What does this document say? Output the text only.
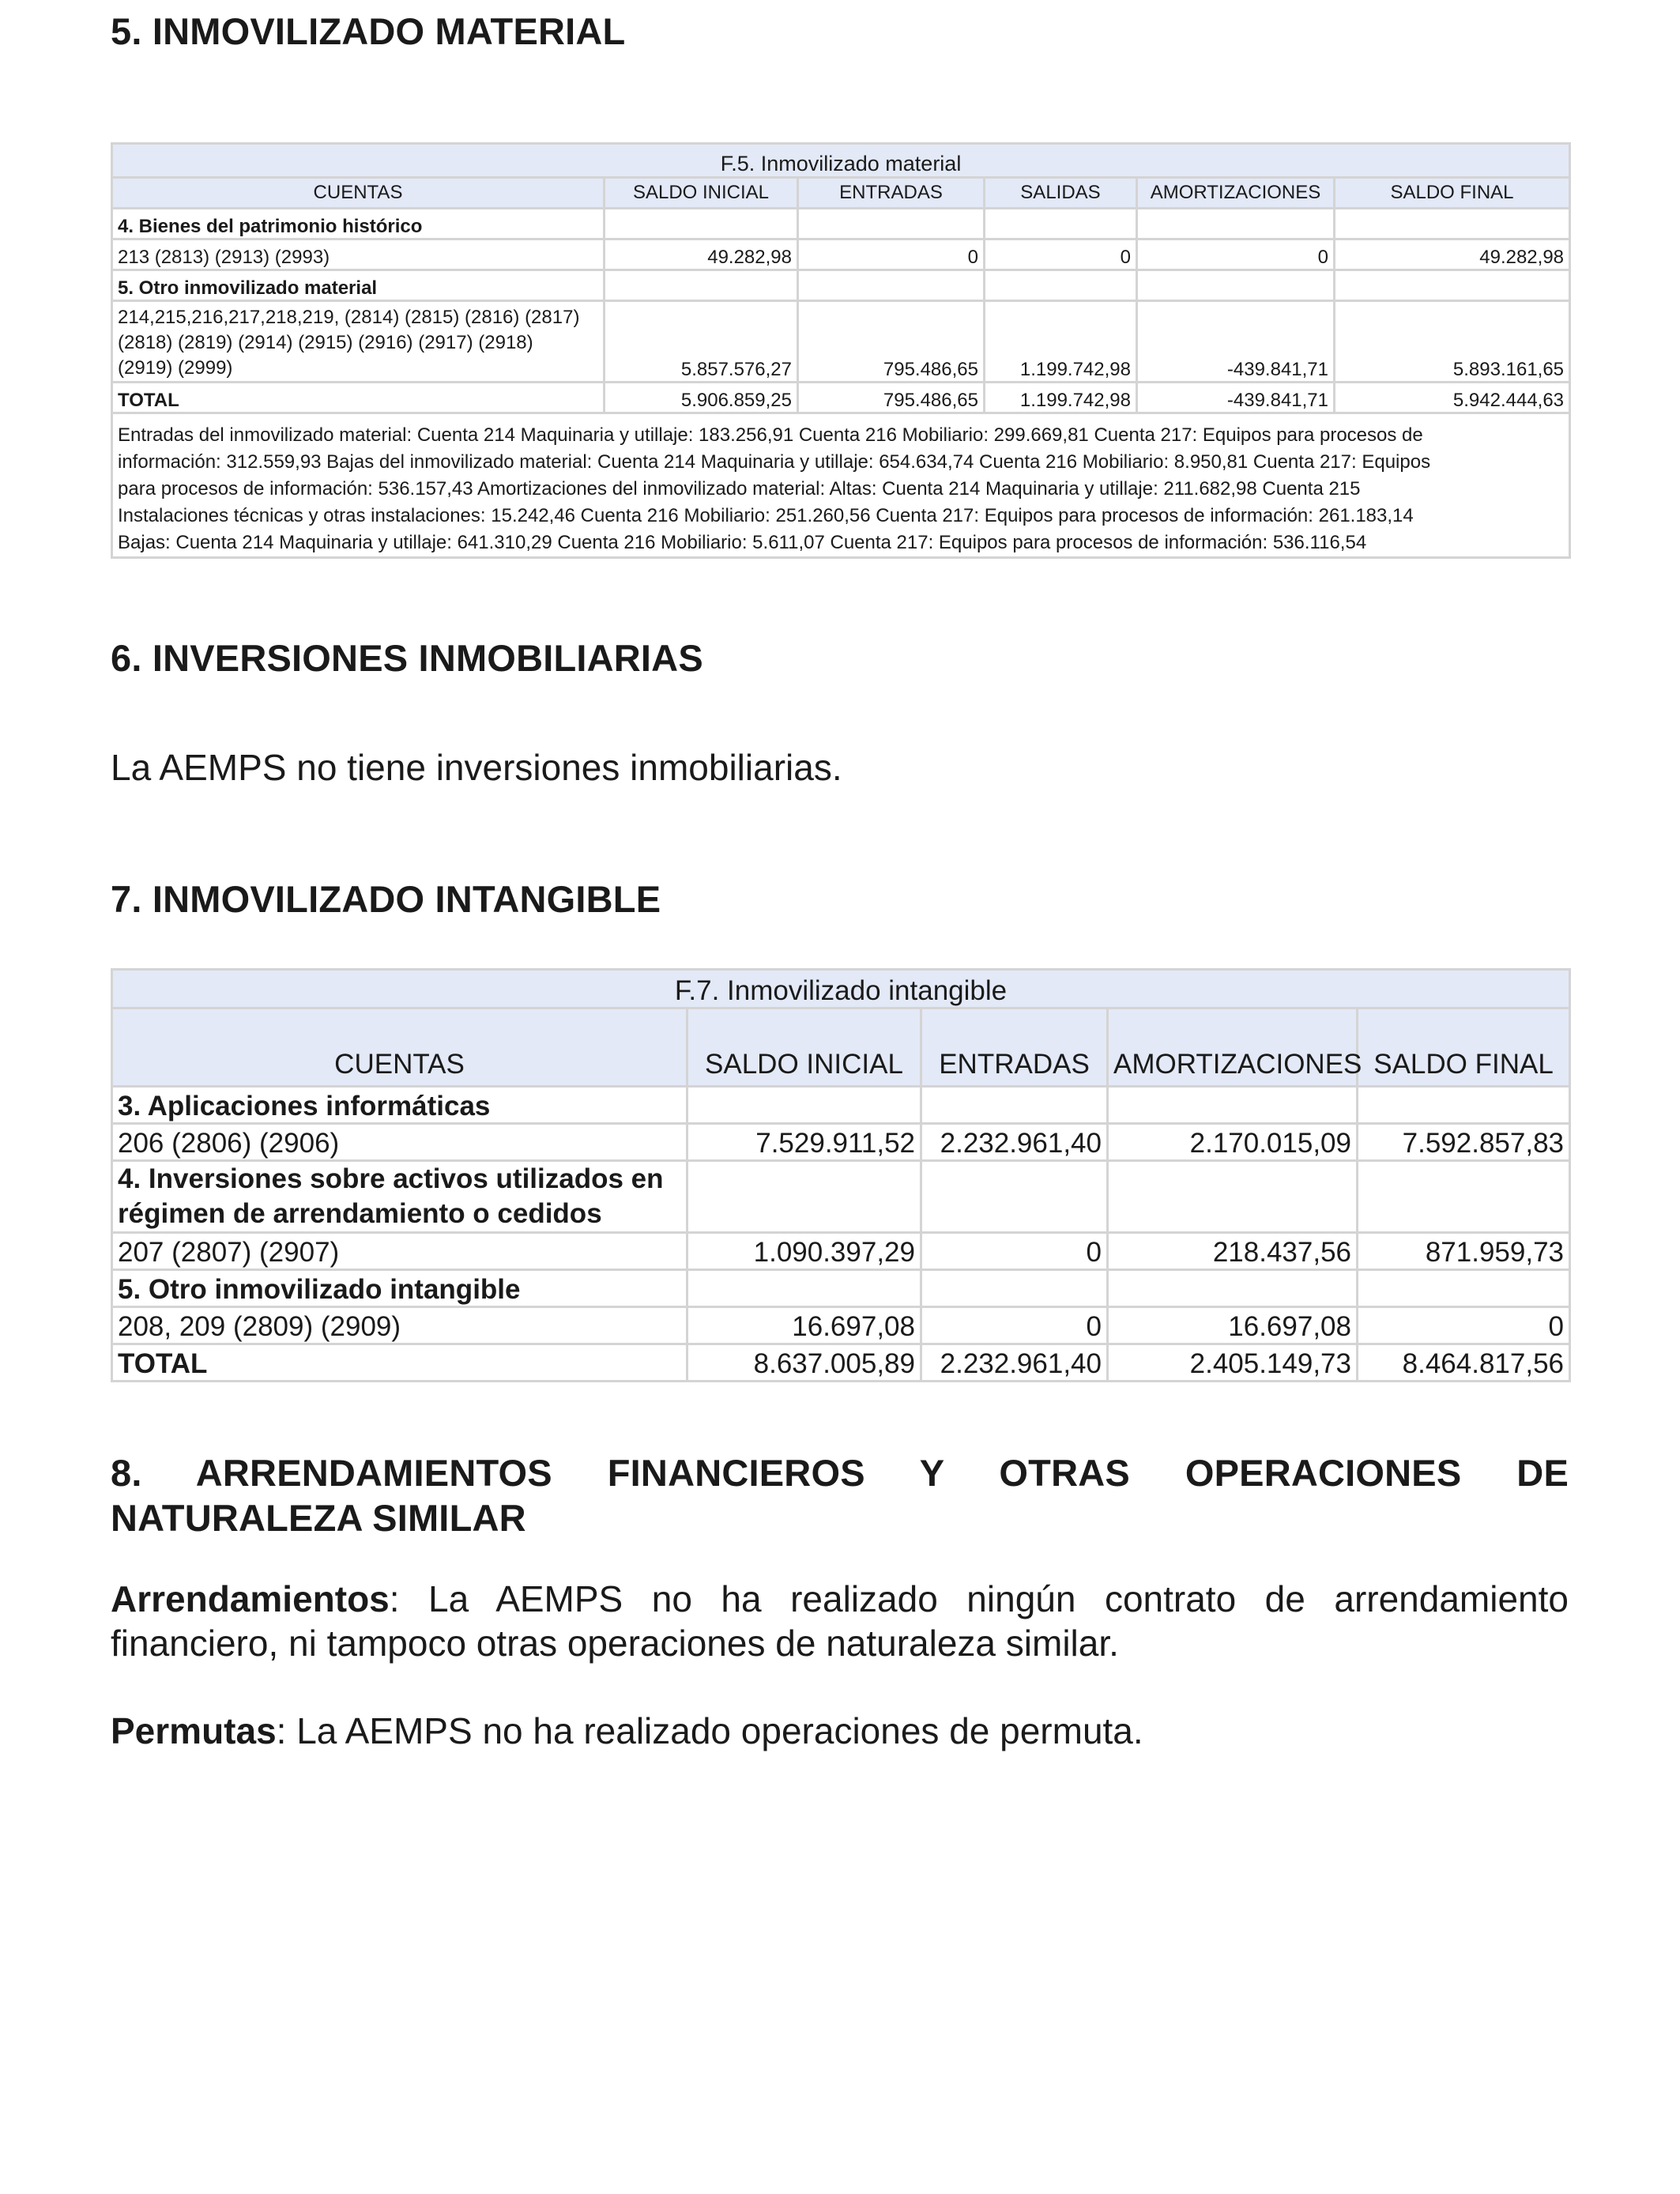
5. INMOVILIZADO MATERIAL
F.5. Inmovilizado material					
CUENTAS	SALDO INICIAL	ENTRADAS	SALIDAS	AMORTIZACIONES	SALDO FINAL
4. Bienes del patrimonio histórico					
213 (2813) (2913) (2993)	49.282,98	0	0	0	49.282,98
5. Otro inmovilizado material					

214,215,216,217,218,219, (2814) (2815) (2816) (2817)
(2818) (2819) (2914) (2915) (2916) (2917) (2918)
(2919) (2999)	5.857.576,27	795.486,65	1.199.742,98	-439.841,71	5.893.161,65
TOTAL	5.906.859,25	795.486,65	1.199.742,98	-439.841,71	5.942.444,63

Entradas del inmovilizado material: Cuenta 214 Maquinaria y utillaje: 183.256,91 Cuenta 216 Mobiliario: 299.669,81 Cuenta 217: Equipos para procesos de
información: 312.559,93 Bajas del inmovilizado material: Cuenta 214 Maquinaria y utillaje: 654.634,74 Cuenta 216 Mobiliario: 8.950,81 Cuenta 217: Equipos
para procesos de información: 536.157,43 Amortizaciones del inmovilizado material: Altas: Cuenta 214 Maquinaria y utillaje: 211.682,98 Cuenta 215
Instalaciones técnicas y otras instalaciones: 15.242,46 Cuenta 216 Mobiliario: 251.260,56 Cuenta 217: Equipos para procesos de información: 261.183,14
Bajas: Cuenta 214 Maquinaria y utillaje: 641.310,29 Cuenta 216 Mobiliario: 5.611,07 Cuenta 217: Equipos para procesos de información: 536.116,54					
6. INVERSIONES INMOBILIARIAS

La AEMPS no tiene inversiones inmobiliarias.

7. INMOVILIZADO INTANGIBLE
F.7. Inmovilizado intangible				
CUENTAS	SALDO INICIAL	ENTRADAS	AMORTIZACIONES	SALDO FINAL
3. Aplicaciones informáticas				
206 (2806) (2906)	7.529.911,52	2.232.961,40	2.170.015,09	7.592.857,83

4. Inversiones sobre activos utilizados en
régimen de arrendamiento o cedidos				

207 (2807) (2907)	1.090.397,29	0	218.437,56	871.959,73
5. Otro inmovilizado intangible				
208, 209 (2809) (2909)	16.697,08	0	16.697,08	0
TOTAL	8.637.005,89	2.232.961,40	2.405.149,73	8.464.817,56
8. ARRENDAMIENTOS FINANCIEROS Y OTRAS OPERACIONES DE
NATURALEZA SIMILAR

Arrendamientos: La AEMPS no ha realizado ningún contrato de arrendamiento financiero, ni tampoco otras operaciones de naturaleza similar.

Permutas: La AEMPS no ha realizado operaciones de permuta.
